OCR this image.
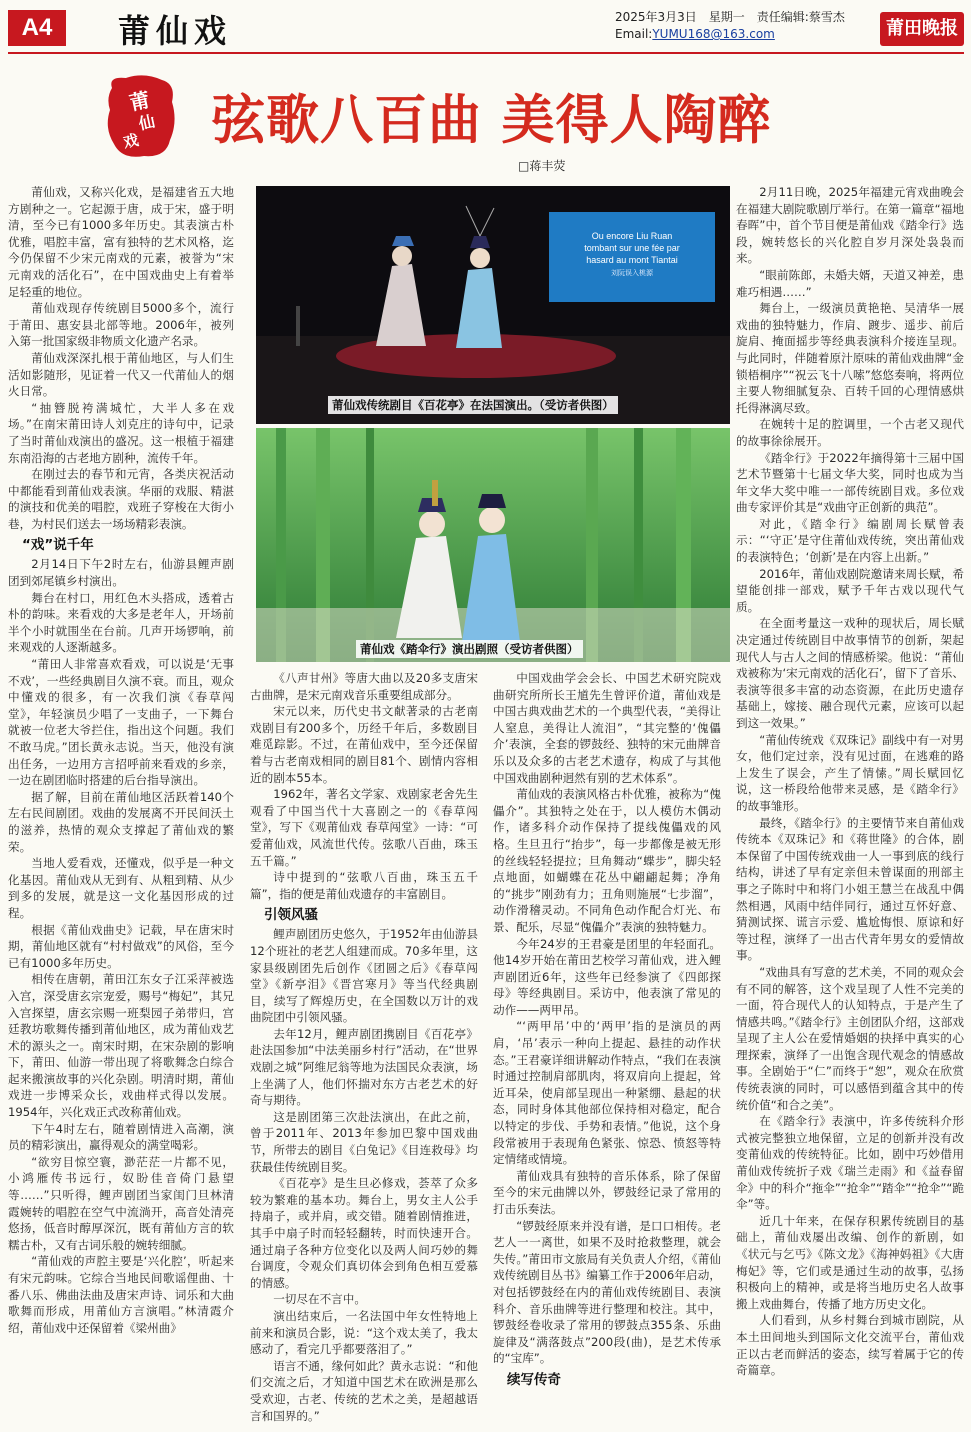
A4	莆仙戏	2025年3月3日　星期一　责任编辑:蔡雪杰
Email:YUMU168@163.com	莆田晚报
莆
仙
戏 弦歌八百曲 美得人陶醉
□蒋丰荧

莆仙戏，又称兴化戏，是福建省五大地方剧种之一。它起源于唐，成于宋，盛于明清，至今已有1000多年历史。其表演古朴优雅，唱腔丰富，富有独特的艺术风格，迄今仍保留不少宋元南戏的元素，被誉为“宋元南戏的活化石”，在中国戏曲史上有着举足轻重的地位。

莆仙戏现存传统剧目5000多个，流行于莆田、惠安县北部等地。2006年，被列入第一批国家级非物质文化遗产名录。

莆仙戏深深扎根于莆仙地区，与人们生活如影随形，见证着一代又一代莆仙人的烟火日常。

“抽簪脱袴满城忙，大半人多在戏场。”在南宋莆田诗人刘克庄的诗句中，记录了当时莆仙戏演出的盛况。这一根植于福建东南沿海的古老地方剧种，流传千年。

在刚过去的春节和元宵，各类庆祝活动中都能看到莆仙戏表演。华丽的戏服、精湛的演技和优美的唱腔，戏班子穿梭在大街小巷，为村民们送去一场场精彩表演。

“戏”说千年

2月14日下午2时左右，仙游县鲤声剧团到郊尾镇乡村演出。

舞台在村口，用红色木头搭成，透着古朴的韵味。来看戏的大多是老年人，开场前半个小时就围坐在台前。几声开场锣响，前来观戏的人逐渐越多。

“莆田人非常喜欢看戏，可以说是‘无事不戏’，一些经典剧目久演不衰。而且，观众中懂戏的很多，有一次我们演《春草闯堂》，年轻演员少唱了一支曲子，一下舞台就被一位老大爷拦住，指出这个问题。我们不敢马虎。”团长黄永志说。当天，他没有演出任务，一边用方言招呼前来看戏的乡亲，一边在剧团临时搭建的后台指导演出。

据了解，目前在莆仙地区活跃着140个左右民间剧团。戏曲的发展离不开民间沃土的滋养，热情的观众支撑起了莆仙戏的繁荣。

当地人爱看戏，还懂戏，似乎是一种文化基因。莆仙戏从无到有、从粗到精、从少到多的发展，就是这一文化基因形成的过程。

根据《莆仙戏曲史》记载，早在唐宋时期，莆仙地区就有“村村做戏”的风俗，至今已有1000多年历史。

相传在唐朝，莆田江东女子江采萍被选入宫，深受唐玄宗宠爱，赐号“梅妃”，其兄入宫探望，唐玄宗赐一班梨园子弟带归，宫廷教坊歌舞传播到莆仙地区，成为莆仙戏艺术的源头之一。南宋时期，在宋杂剧的影响下，莆田、仙游一带出现了将歌舞念白综合起来搬演故事的兴化杂剧。明清时期，莆仙戏进一步博采众长，戏曲样式得以发展。1954年，兴化戏正式改称莆仙戏。

下午4时左右，随着剧情进入高潮，演员的精彩演出，赢得观众的满堂喝彩。

“欲穷目惊空寰，渺茫茫一片都不见，小鸿雁传书远行，奴盼佳音倚门悬望等……”只听得，鲤声剧团当家闺门旦林清霞婉转的唱腔在空气中流淌开，高音处清亮悠扬，低音时醇厚深沉，既有莆仙方言的软糯古朴，又有古词乐般的婉转细腻。

“莆仙戏的声腔主要是‘兴化腔’，听起来有宋元韵味。它综合当地民间歌谣俚曲、十番八乐、佛曲法曲及唐宋声诗、词乐和大曲歌舞而形成，用莆仙方言演唱。”林清霞介绍，莆仙戏中还保留着《梁州曲》

Ou encore Liu Ruan
tombant sur une fée par
hasard au mont Tiantai
刘阮误入桃源
莆仙戏传统剧目《百花亭》在法国演出。（受访者供图）
莆仙戏《踏伞行》演出剧照（受访者供图）

《八声甘州》等唐大曲以及20多支唐宋古曲牌，是宋元南戏音乐重要组成部分。

宋元以来，历代史书文献著录的古老南戏剧目有200多个，历经千年后，多数剧目难觅踪影。不过，在莆仙戏中，至今还保留着与古老南戏相同的剧目81个、剧情内容相近的剧本55本。

1962年，著名文学家、戏剧家老舍先生观看了中国当代十大喜剧之一的《春草闯堂》，写下《观莆仙戏 春草闯堂》一诗：“可爱莆仙戏，风流世代传。弦歌八百曲，珠玉五千篇。”

诗中提到的“弦歌八百曲，珠玉五千篇”，指的便是莆仙戏遗存的丰富剧目。

引领风骚

鲤声剧团历史悠久，于1952年由仙游县12个班社的老艺人组建而成。70多年里，这家县级剧团先后创作《团圆之后》《春草闯堂》《新亭泪》《晋宫寒月》等当代经典剧目，续写了辉煌历史，在全国数以万计的戏曲院团中引领风骚。

去年12月，鲤声剧团携剧目《百花亭》赴法国参加“中法美丽乡村行”活动，在“世界戏剧之城”阿维尼翁等地为法国民众表演，场上坐满了人，他们怀揣对东方古老艺术的好奇与期待。

这是剧团第三次赴法演出，在此之前，曾于2011年、2013年参加巴黎中国戏曲节，所带去的剧目《白兔记》《目连救母》均获最佳传统剧目奖。

《百花亭》是生旦必修戏，荟萃了众多较为繁难的基本功。舞台上，男女主人公手持扇子，或并肩，或交错。随着剧情推进，其手中扇子时而轻轻翻转，时而快速开合。通过扇子各种方位变化以及两人间巧妙的舞台调度，令观众们真切体会到角色相互爱慕的情感。

一切尽在不言中。

演出结束后，一名法国中年女性特地上前来和演员合影，说：“这个戏太美了，我太感动了，看完几乎都要落泪了。”

语言不通，缘何如此？黄永志说：“和他们交流之后，才知道中国艺术在欧洲是那么受欢迎，古老、传统的艺术之美，是超越语言和国界的。”

中国戏曲学会会长、中国艺术研究院戏曲研究所所长王馗先生曾评价道，莆仙戏是中国古典戏曲艺术的一个典型代表，“美得让人窒息，美得让人流泪”，“其完整的‘傀儡介’表演，全套的锣鼓经、独特的宋元曲牌音乐以及众多的古老艺术遗存，构成了与其他中国戏曲剧种迥然有别的艺术体系”。

莆仙戏的表演风格古朴优雅，被称为“傀儡介”。其独特之处在于，以人模仿木偶动作，诸多科介动作保持了提线傀儡戏的风格。生旦丑行“抬步”，每一步都像是被无形的丝线轻轻提拉；旦角舞动“蝶步”，脚尖轻点地面，如蝴蝶在花丛中翩翩起舞；净角的“挑步”刚劲有力；丑角则施展“七步溜”，动作滑稽灵动。不同角色动作配合灯光、布景、配乐，尽显“傀儡介”表演的独特魅力。

今年24岁的王君豪是团里的年轻面孔。他14岁开始在莆田艺校学习莆仙戏，进入鲤声剧团近6年，这些年已经参演了《四郎探母》等经典剧目。采访中，他表演了常见的动作——两甲吊。

“‘两甲吊’中的‘两甲’指的是演员的两肩，‘吊’表示一种向上提起、悬挂的动作状态。”王君豪详细讲解动作特点，“我们在表演时通过控制肩部肌肉，将双肩向上提起，耸近耳朵，使肩部呈现出一种紧绷、悬起的状态，同时身体其他部位保持相对稳定，配合以特定的步伐、手势和表情。”他说，这个身段常被用于表现角色紧张、惊恐、愤怒等特定情绪或情境。

莆仙戏具有独特的音乐体系，除了保留至今的宋元曲牌以外，锣鼓经记录了常用的打击乐奏法。

“锣鼓经原来并没有谱，是口口相传。老艺人一一离世，如果不及时抢救整理，就会失传。”莆田市文旅局有关负责人介绍，《莆仙戏传统剧目丛书》编纂工作于2006年启动，对包括锣鼓经在内的莆仙戏传统剧目、表演科介、音乐曲牌等进行整理和校注。其中，锣鼓经卷收录了常用的锣鼓点355条、乐曲旋律及“满落鼓点”200段(曲)，是艺术传承的“宝库”。

续写传奇

2月11日晚，2025年福建元宵戏曲晚会在福建大剧院歌剧厅举行。在第一篇章“福地春晖”中，首个节目便是莆仙戏《踏伞行》选段，婉转悠长的兴化腔自岁月深处袅袅而来。

“眼前陈郎，未婚夫婿，天道又神差，患难巧相遇……”

舞台上，一级演员黄艳艳、吴清华一展戏曲的独特魅力，作肩、踱步、遥步、前后旋肩、掩面摇步等经典表演科介接连呈现。与此同时，伴随着原汁原味的莆仙戏曲牌“金锁梧桐序”“祝云飞十八嗦”悠悠奏响，将两位主要人物细腻复杂、百转千回的心理情感烘托得淋漓尽致。

在婉转十足的腔调里，一个古老又现代的故事徐徐展开。

《踏伞行》于2022年摘得第十三届中国艺术节暨第十七届文华大奖，同时也成为当年文华大奖中唯一一部传统剧目戏。多位戏曲专家评价其是“戏曲守正创新的典范”。

对此，《踏伞行》编剧周长赋曾表示：“‘守正’是守住莆仙戏传统，突出莆仙戏的表演特色；‘创新’是在内容上出新。”

2016年，莆仙戏剧院邀请来周长赋，希望能创排一部戏，赋予千年古戏以现代气质。

在全面考量这一戏种的现状后，周长赋决定通过传统剧目中故事情节的创新，架起现代人与古人之间的情感桥梁。他说：“莆仙戏被称为‘宋元南戏的活化石’，留下了音乐、表演等很多丰富的动态资源，在此历史遗存基础上，嫁接、融合现代元素，应该可以起到这一效果。”

“莆仙传统戏《双珠记》副线中有一对男女，他们定过亲，没有见过面，在逃难的路上发生了误会，产生了情愫。”周长赋回忆说，这一桥段给他带来灵感，是《踏伞行》的故事雏形。

最终，《踏伞行》的主要情节来自莆仙戏传统本《双珠记》和《蒋世隆》的合体，剧本保留了中国传统戏曲一人一事到底的线行结构，讲述了早有定亲但未曾谋面的刑部主事之子陈时中和将门小姐王慧兰在战乱中偶然相遇，风雨中结伴同行，通过互怀好意、猜测试探、谎言示爱、尴尬悔恨、原谅和好等过程，演绎了一出古代青年男女的爱情故事。

“戏曲具有写意的艺术美，不同的观众会有不同的解答，这个戏呈现了人性不完美的一面，符合现代人的认知特点，于是产生了情感共鸣。”《踏伞行》主创团队介绍，这部戏呈现了主人公在爱情婚姻的抉择中真实的心理探索，演绎了一出饱含现代观念的情感故事。全剧始于“仁”而终于“恕”，观众在欣赏传统表演的同时，可以感悟到蕴含其中的传统价值“和合之美”。

在《踏伞行》表演中，许多传统科介形式被完整独立地保留，立足的创新并没有改变莆仙戏的传统特征。比如，剧中巧妙借用莆仙戏传统折子戏《瑞兰走雨》和《益春留伞》中的科介“拖伞”“抢伞”“踏伞”“抢伞”“跪伞”等。

近几十年来，在保存积累传统剧目的基础上，莆仙戏屡出改编、创作的新剧，如《状元与乞丐》《陈文龙》《海神妈祖》《大唐梅妃》等，它们或是通过生动的故事，弘扬积极向上的精神，或是将当地历史名人故事搬上戏曲舞台，传播了地方历史文化。

人们看到，从乡村舞台到城市剧院，从本土田间地头到国际文化交流平台，莆仙戏正以古老而鲜活的姿态，续写着属于它的传奇篇章。
